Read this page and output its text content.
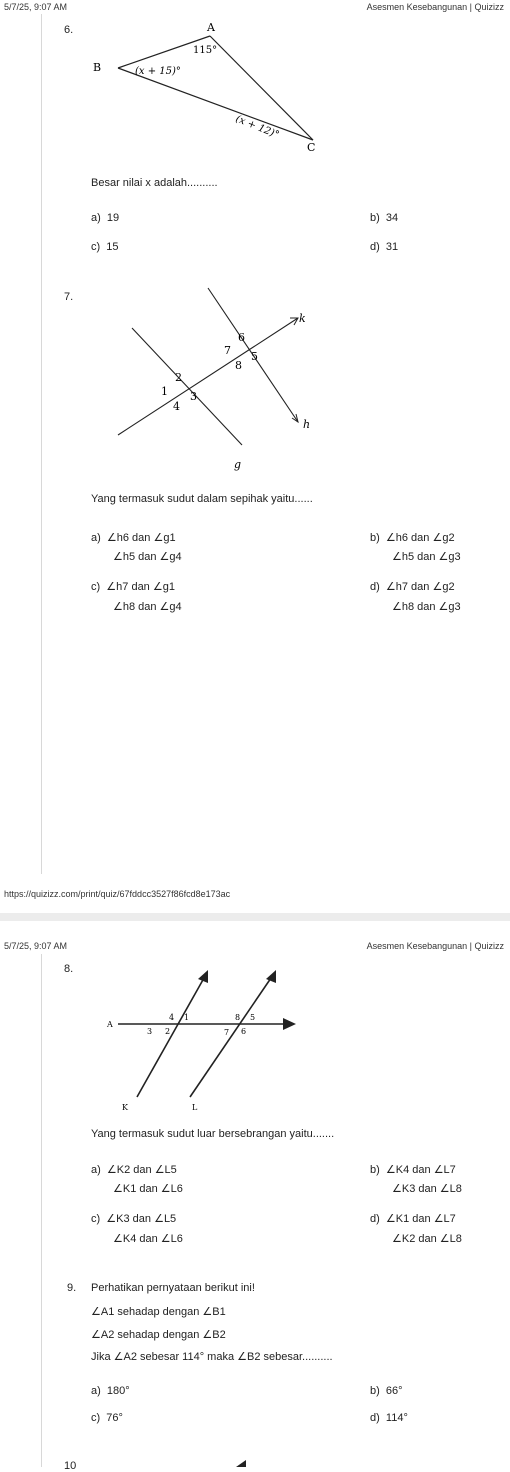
5/7/25, 9:07 AM	Asesmen Kesebangunan | Quizizz
6.	A
B
C
115°
(x + 15)°
(x + 12)°
Besar nilai x adalah..........
a) 19	b) 34
c) 15	d) 31
7.
k
h
g
6
7 5
8
2
1 3
4
Yang termasuk sudut dalam sepihak yaitu......
a) ∠h6 dan ∠g1
∠h5 dan ∠g4
b) ∠h6 dan ∠g2
∠h5 dan ∠g3
c) ∠h7 dan ∠g1
∠h8 dan ∠g4
d) ∠h7 dan ∠g2
∠h8 dan ∠g3
https://quizizz.com/print/quiz/67fddcc3527f86fcd8e173ac
5/7/25, 9:07 AM	Asesmen Kesebangunan | Quizizz
8.
A
K	L
4 1
3 2
8 5
7 6
Yang termasuk sudut luar bersebrangan yaitu.......
a) ∠K2 dan ∠L5
∠K1 dan ∠L6
b) ∠K4 dan ∠L7
∠K3 dan ∠L8
c) ∠K3 dan ∠L5
∠K4 dan ∠L6
d) ∠K1 dan ∠L7
∠K2 dan ∠L8
9. Perhatikan pernyataan berikut ini!
∠A1 sehadap dengan ∠B1
∠A2 sehadap dengan ∠B2
Jika ∠A2 sebesar 114° maka ∠B2 sebesar..........
a) 180°	b) 66°
c) 76°	d) 114°
10
